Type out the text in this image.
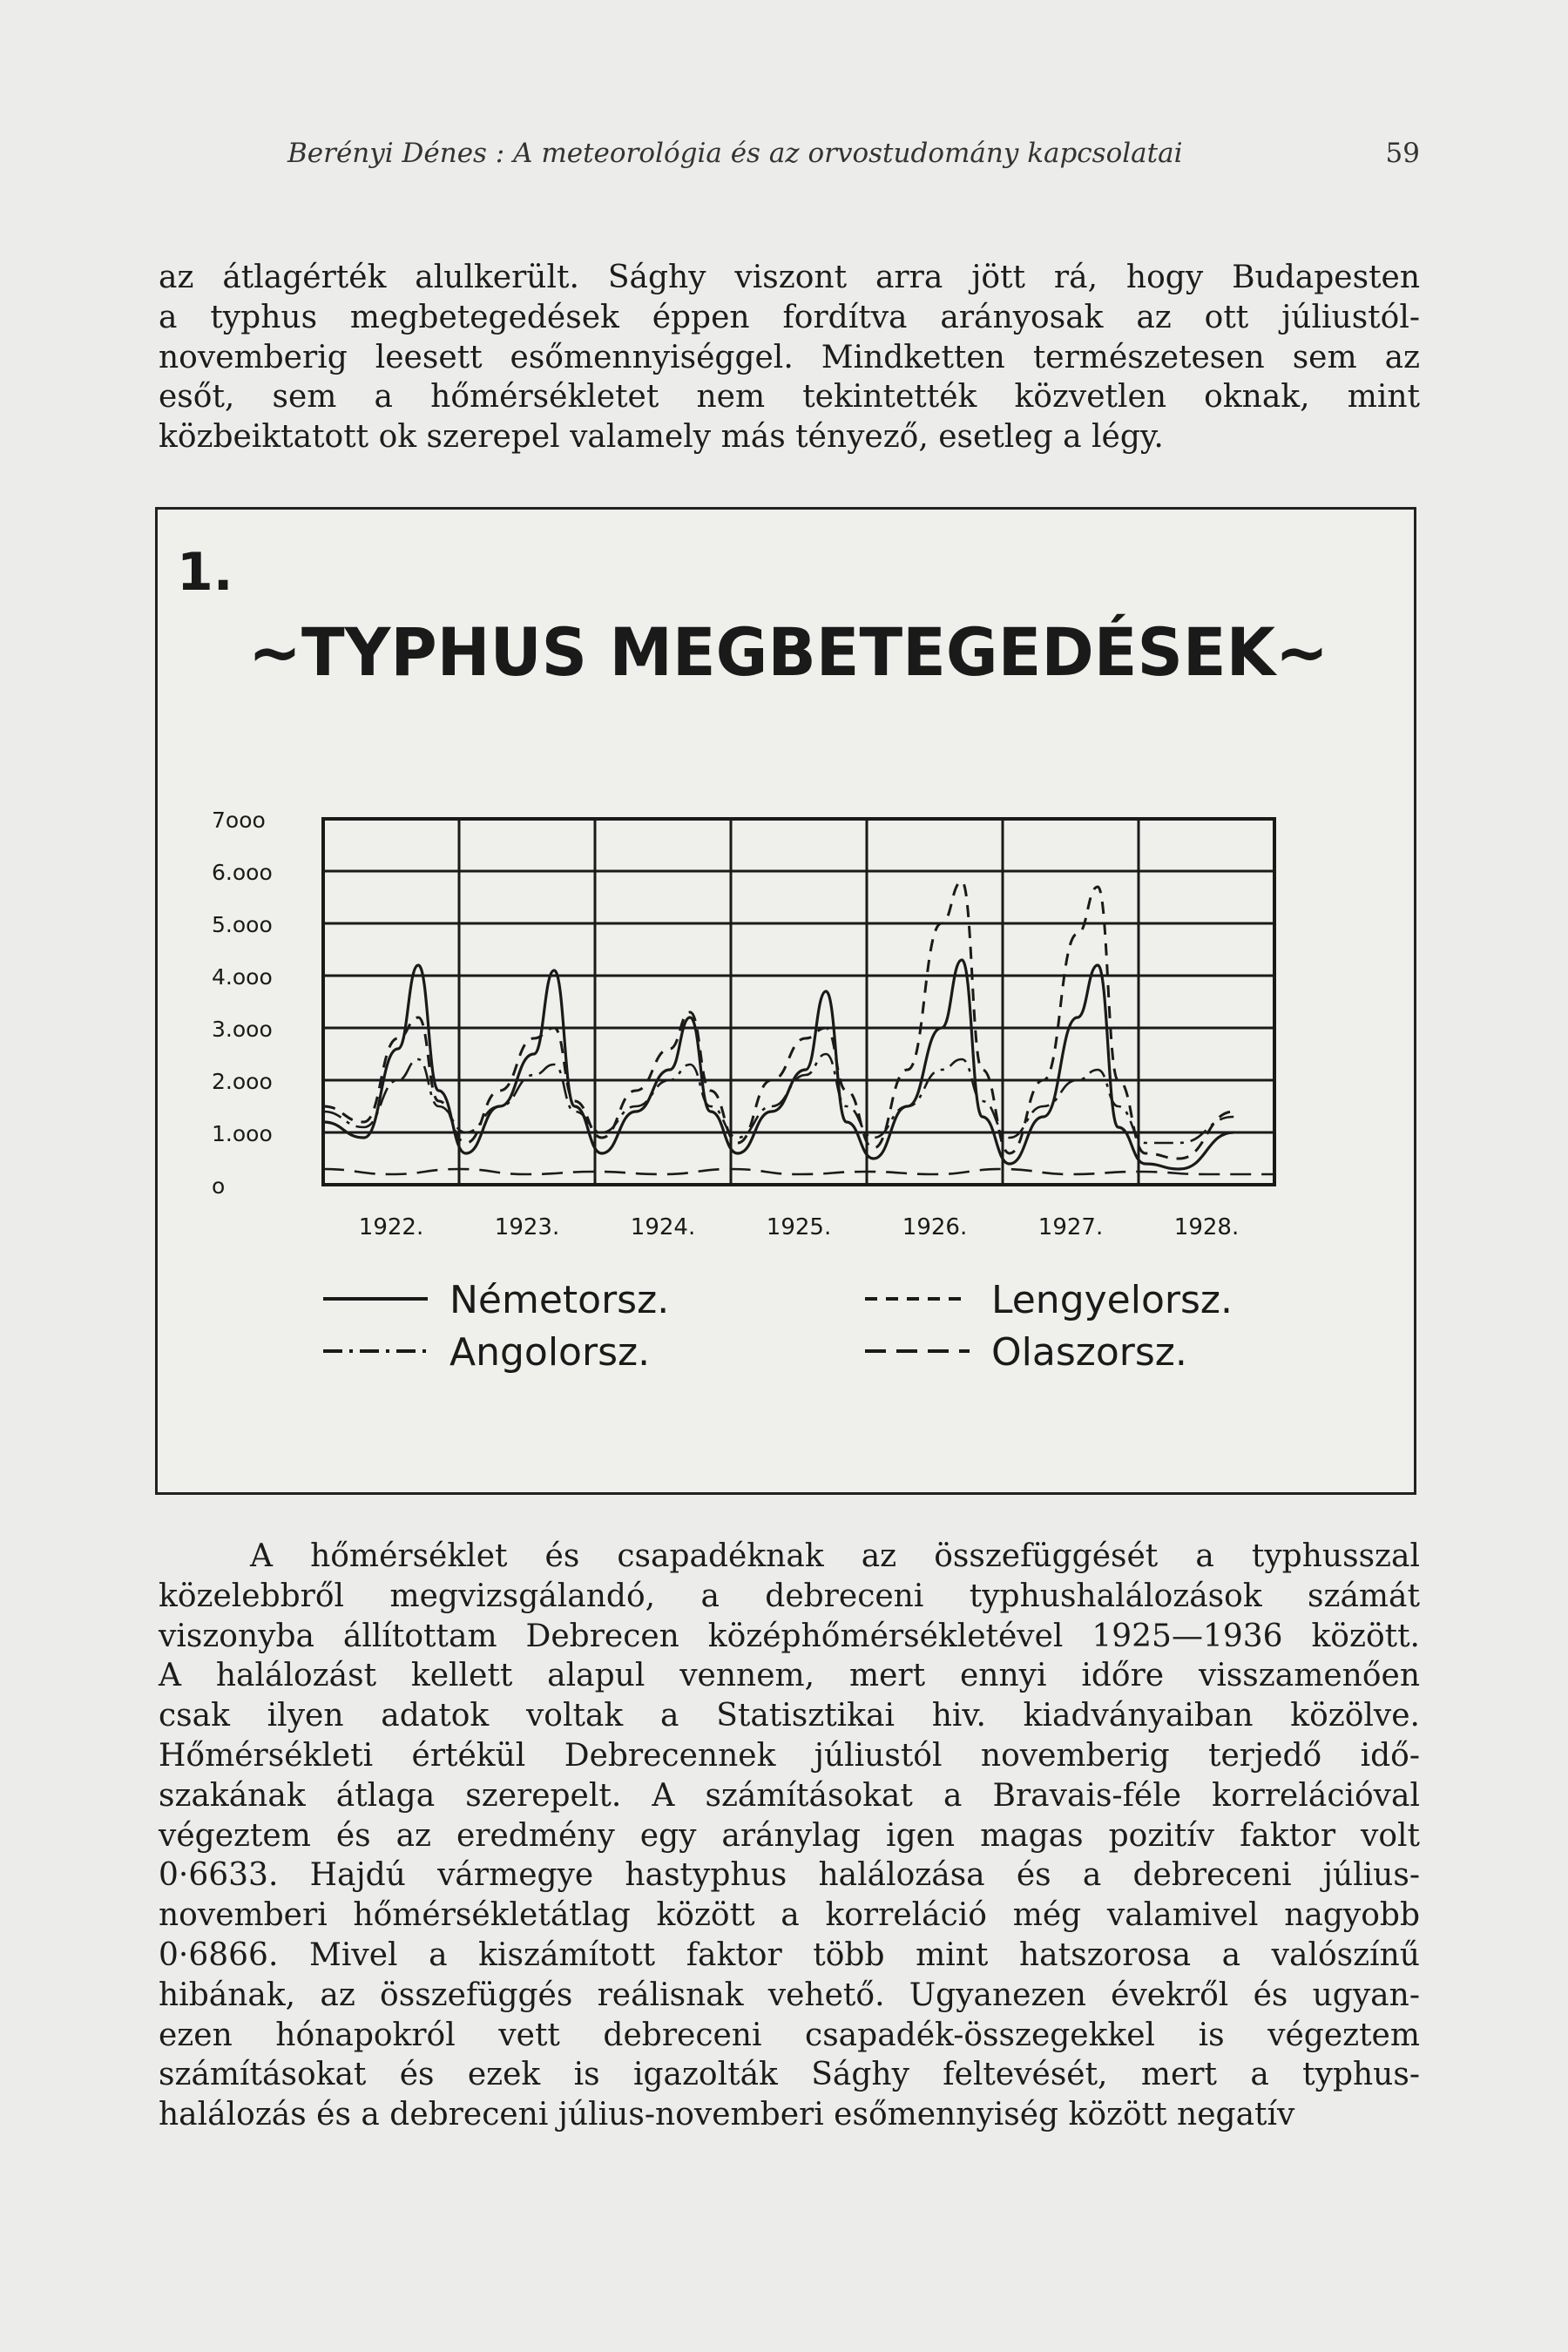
Berényi Dénes : A meteorológia és az orvostudomány kapcsolatai	59
az átlagérték alulkerült. Sághy viszont arra jött rá, hogy Budapesten
a typhus megbetegedések éppen fordítva arányosak az ott júliustól-
novemberig leesett esőmennyiséggel. Mindketten természetesen sem az
esőt, sem a hőmérsékletet nem tekintették közvetlen oknak, mint
közbeiktatott ok szerepel valamely más tényező, esetleg a légy.
1.
~TYPHUS MEGBETEGEDÉSEK~
7ooo
6.ooo
5.ooo
4.ooo
3.ooo
2.ooo
1.ooo
o
1922.	1923.	1924.	1925.	1926.	1927.	1928.
Németorsz.	Lengyelorsz.
Angolorsz.	Olaszorsz.
A hőmérséklet és csapadéknak az összefüggését a typhusszal
közelebbről megvizsgálandó, a debreceni typhushalálozások számát
viszonyba állítottam Debrecen középhőmérsékletével 1925—1936 között.
A halálozást kellett alapul vennem, mert ennyi időre visszamenően
csak ilyen adatok voltak a Statisztikai hiv. kiadványaiban közölve.
Hőmérsékleti értékül Debrecennek júliustól novemberig terjedő idő-
szakának átlaga szerepelt. A számításokat a Bravais-féle korrelációval
végeztem és az eredmény egy aránylag igen magas pozitív faktor volt
0·6633. Hajdú vármegye hastyphus halálozása és a debreceni július-
novemberi hőmérsékletátlag között a korreláció még valamivel nagyobb
0·6866. Mivel a kiszámított faktor több mint hatszorosa a valószínű
hibának, az összefüggés reálisnak vehető. Ugyanezen évekről és ugyan-
ezen hónapokról vett debreceni csapadék-összegekkel is végeztem
számításokat és ezek is igazolták Sághy feltevését, mert a typhus-
halálozás és a debreceni július-novemberi esőmennyiség között negatív
